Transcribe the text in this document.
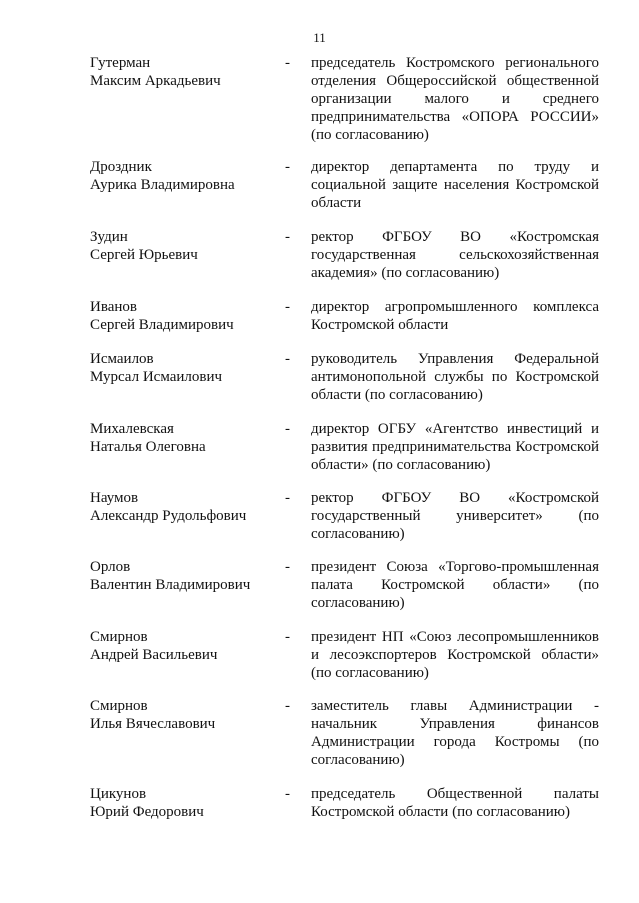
11
Гутерман
Максим Аркадьевич
- председатель Костромского регионального отделения Общероссийской общественной организации малого и среднего предпринимательства «ОПОРА РОССИИ» (по согласованию)
Дроздник
Аурика Владимировна
- директор департамента по труду и социальной защите населения Костромской области
Зудин
Сергей Юрьевич
- ректор ФГБОУ ВО «Костромская государственная сельскохозяйственная академия» (по согласованию)
Иванов
Сергей Владимирович
- директор агропромышленного комплекса Костромской области
Исмаилов
Мурсал Исмаилович
- руководитель Управления Федеральной антимонопольной службы по Костромской области (по согласованию)
Михалевская
Наталья Олеговна
- директор ОГБУ «Агентство инвестиций и развития предпринимательства Костромской области» (по согласованию)
Наумов
Александр Рудольфович
- ректор ФГБОУ ВО «Костромской государственный университет» (по согласованию)
Орлов
Валентин Владимирович
- президент Союза «Торгово-промышленная палата Костромской области» (по согласованию)
Смирнов
Андрей Васильевич
- президент НП «Союз лесопромышленников и лесоэкспортеров Костромской области» (по согласованию)
Смирнов
Илья Вячеславович
- заместитель главы Администрации - начальник Управления финансов Администрации города Костромы (по согласованию)
Цикунов
Юрий Федорович
- председатель Общественной палаты Костромской области (по согласованию)
